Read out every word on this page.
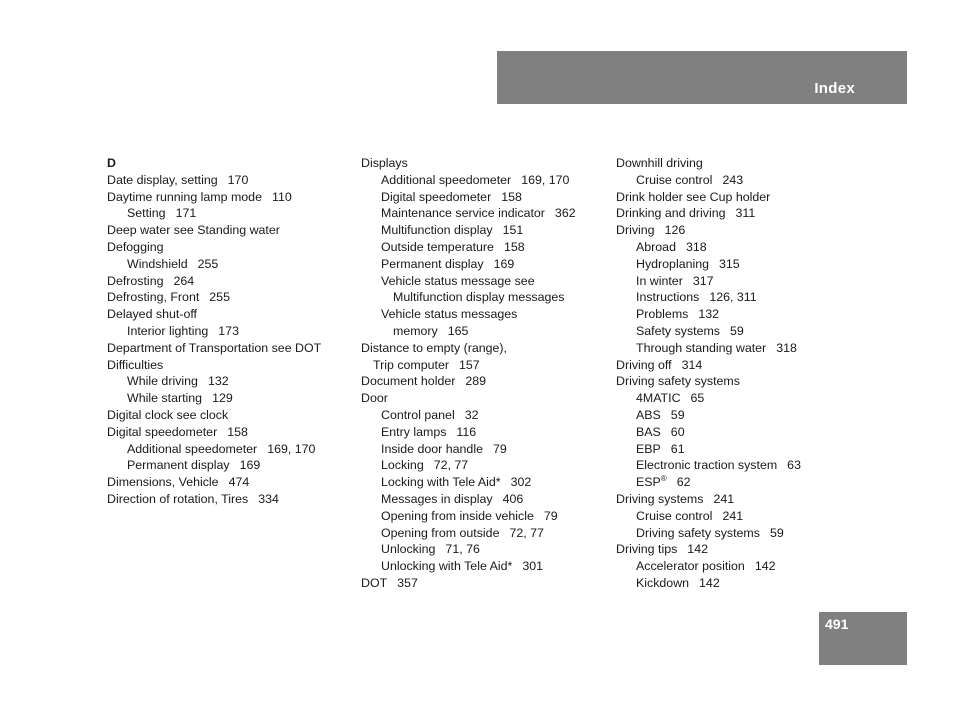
Index
D
Date display, setting 170
Daytime running lamp mode 110
Setting 171
Deep water see Standing water
Defogging
Windshield 255
Defrosting 264
Defrosting, Front 255
Delayed shut-off
Interior lighting 173
Department of Transportation see DOT
Difficulties
While driving 132
While starting 129
Digital clock see clock
Digital speedometer 158
Additional speedometer 169, 170
Permanent display 169
Dimensions, Vehicle 474
Direction of rotation, Tires 334
Displays
Additional speedometer 169, 170
Digital speedometer 158
Maintenance service indicator 362
Multifunction display 151
Outside temperature 158
Permanent display 169
Vehicle status message see
Multifunction display messages
Vehicle status messages
memory 165
Distance to empty (range),
Trip computer 157
Document holder 289
Door
Control panel 32
Entry lamps 116
Inside door handle 79
Locking 72, 77
Locking with Tele Aid* 302
Messages in display 406
Opening from inside vehicle 79
Opening from outside 72, 77
Unlocking 71, 76
Unlocking with Tele Aid* 301
DOT 357
Downhill driving
Cruise control 243
Drink holder see Cup holder
Drinking and driving 311
Driving 126
Abroad 318
Hydroplaning 315
In winter 317
Instructions 126, 311
Problems 132
Safety systems 59
Through standing water 318
Driving off 314
Driving safety systems
4MATIC 65
ABS 59
BAS 60
EBP 61
Electronic traction system 63
ESP® 62
Driving systems 241
Cruise control 241
Driving safety systems 59
Driving tips 142
Accelerator position 142
Kickdown 142
491
